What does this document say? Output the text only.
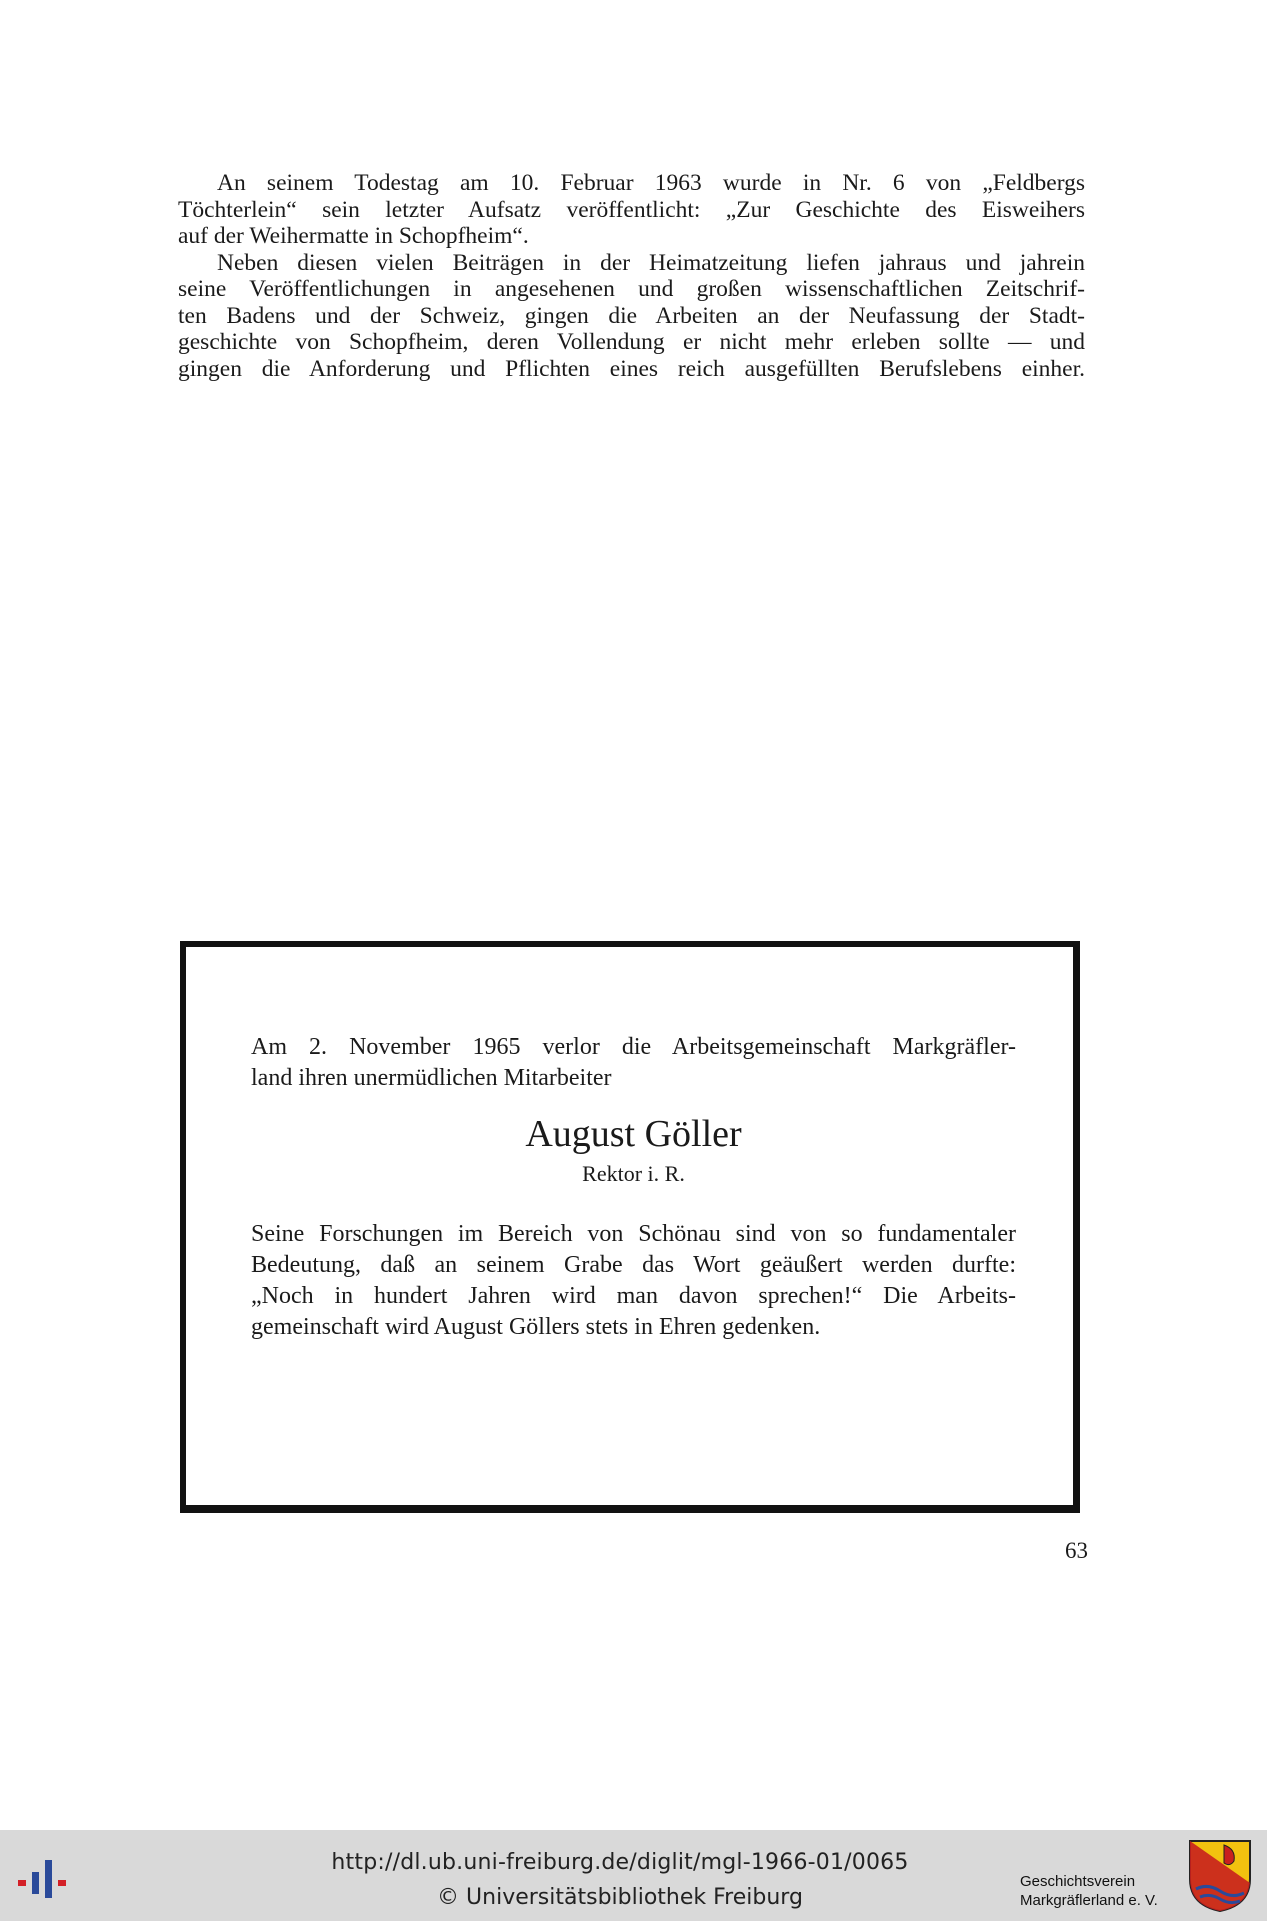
An seinem Todestag am 10. Februar 1963 wurde in Nr. 6 von „Feldbergs
Töchterlein“ sein letzter Aufsatz veröffentlicht: „Zur Geschichte des Eisweihers
auf der Weihermatte in Schopfheim“.

Neben diesen vielen Beiträgen in der Heimatzeitung liefen jahraus und jahrein
seine Veröffentlichungen in angesehenen und großen wissenschaftlichen Zeitschrif-
ten Badens und der Schweiz, gingen die Arbeiten an der Neufassung der Stadt-
geschichte von Schopfheim, deren Vollendung er nicht mehr erleben sollte — und
gingen die Anforderung und Pflichten eines reich ausgefüllten Berufslebens einher.

Am 2. November 1965 verlor die Arbeitsgemeinschaft Markgräfler-
land ihren unermüdlichen Mitarbeiter
August Göller
Rektor i. R.
Seine Forschungen im Bereich von Schönau sind von so fundamentaler
Bedeutung, daß an seinem Grabe das Wort geäußert werden durfte:
„Noch in hundert Jahren wird man davon sprechen!“ Die Arbeits-
gemeinschaft wird August Göllers stets in Ehren gedenken.
63
http://dl.ub.uni-freiburg.de/diglit/mgl-1966-01/0065
© Universitätsbibliothek Freiburg
Geschichtsverein
Markgräflerland e. V.
